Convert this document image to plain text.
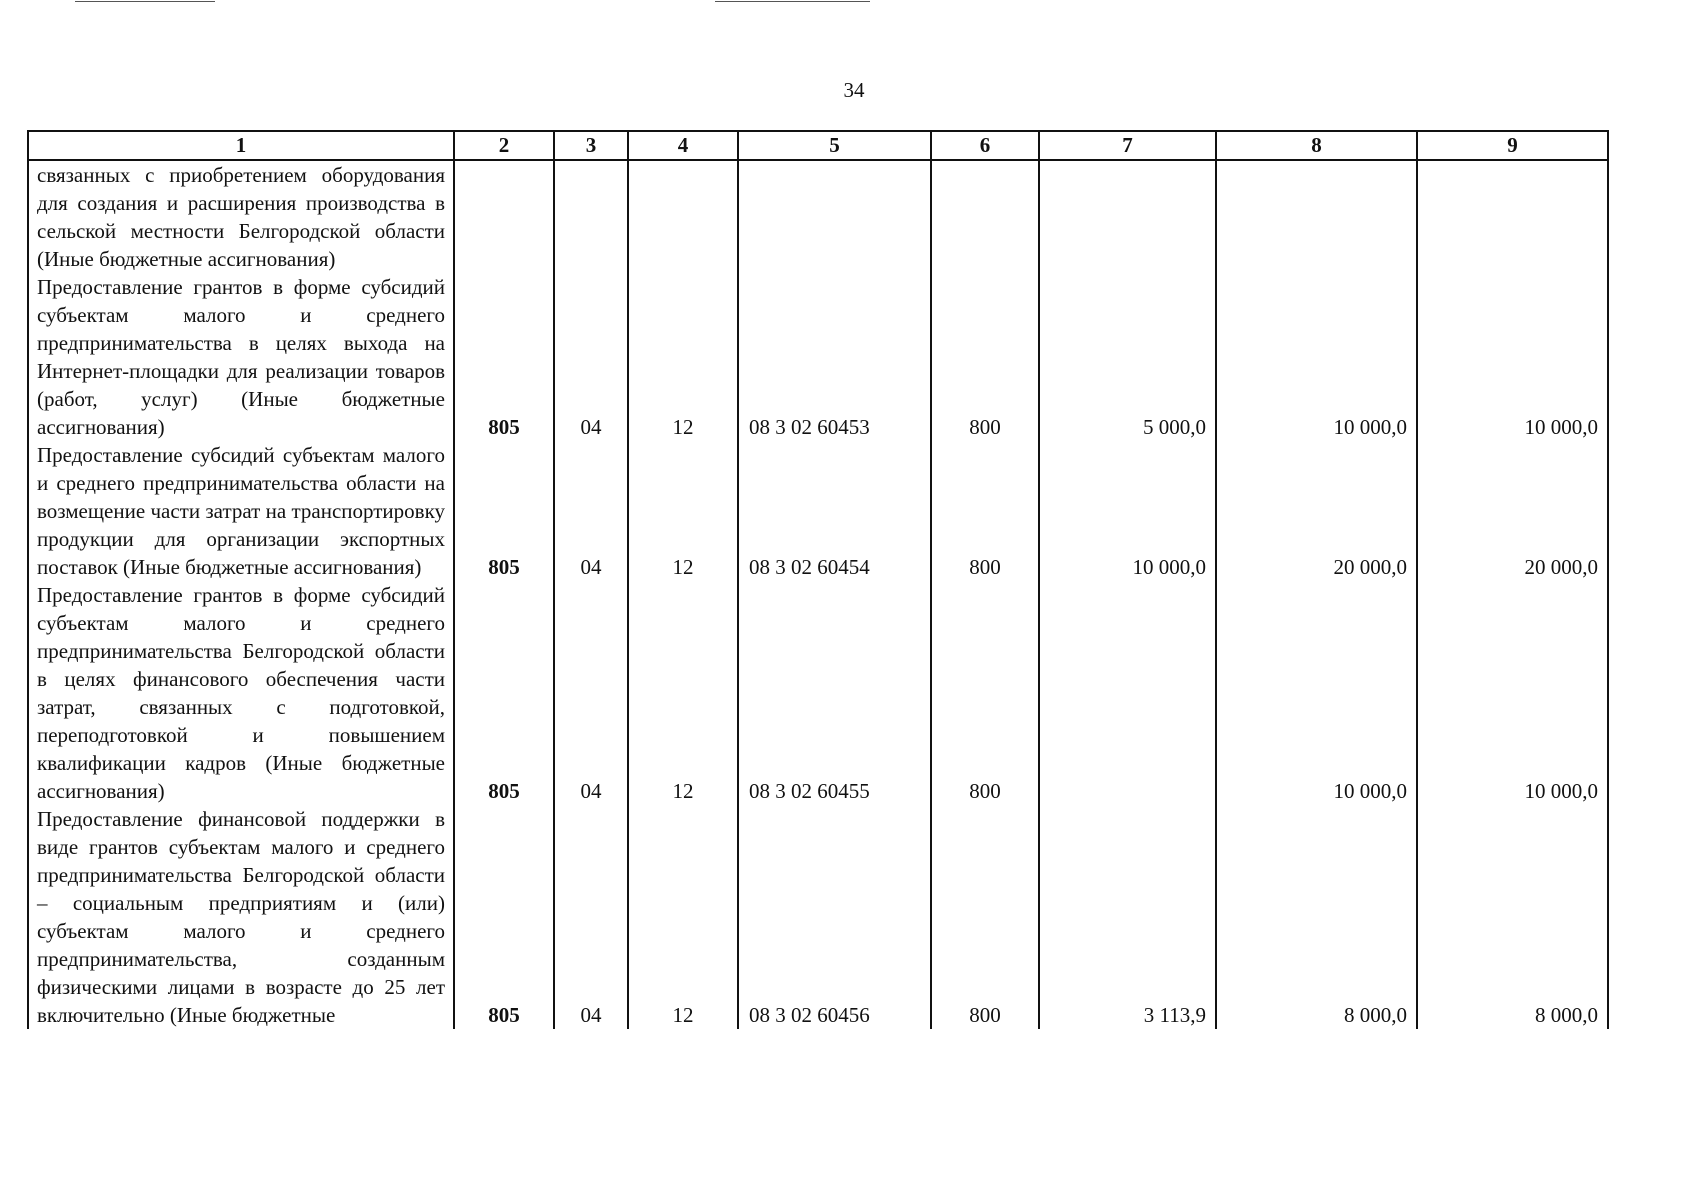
34
1	2	3	4	5	6	7	8	9

связанных с приобретением оборудования для создания и расширения производства в сельской местности Белгородской области (Иные бюджетные ассигнования)								

Предоставление грантов в форме субсидий субъектам малого и среднего предпринимательства в целях выхода на Интернет-площадки для реализации товаров (работ, услуг) (Иные бюджетные ассигнования)	805	04	12	08 3 02 60453	800	5 000,0	10 000,0	10 000,0

Предоставление субсидий субъектам малого и среднего предпринимательства области на возмещение части затрат на транспортировку продукции для организации экспортных поставок (Иные бюджетные ассигнования)	805	04	12	08 3 02 60454	800	10 000,0	20 000,0	20 000,0

Предоставление грантов в форме субсидий субъектам малого и среднего предпринимательства Белгородской области в целях финансового обеспечения части затрат, связанных с подготовкой, переподготовкой и повышением квалификации кадров (Иные бюджетные ассигнования)	805	04	12	08 3 02 60455	800		10 000,0	10 000,0

Предоставление финансовой поддержки в виде грантов субъектам малого и среднего предпринимательства Белгородской области – социальным предприятиям и (или) субъектам малого и среднего предпринимательства, созданным физическими лицами в возрасте до 25 лет включительно (Иные бюджетные	805	04	12	08 3 02 60456	800	3 113,9	8 000,0	8 000,0
